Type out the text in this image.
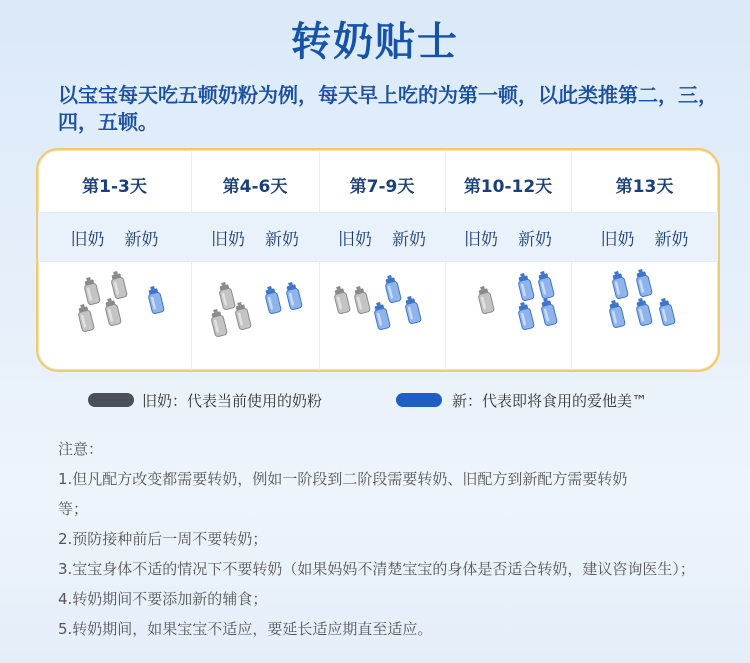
转奶贴士
以宝宝每天吃五顿奶粉为例，每天早上吃的为第一顿，以此类推第二，三，四，五顿。
第1-3天
旧奶 新奶
第4-6天
旧奶 新奶
第7-9天
旧奶 新奶
第10-12天
旧奶 新奶
第13天
旧奶 新奶
旧奶：代表当前使用的奶粉	新：代表即将食用的爱他美™

注意：

1.但凡配方改变都需要转奶，例如一阶段到二阶段需要转奶、旧配方到新配方需要转奶

等；

2.预防接种前后一周不要转奶；

3.宝宝身体不适的情况下不要转奶（如果妈妈不清楚宝宝的身体是否适合转奶，建议咨询医生）；

4.转奶期间不要添加新的辅食；

5.转奶期间，如果宝宝不适应，要延长适应期直至适应。
